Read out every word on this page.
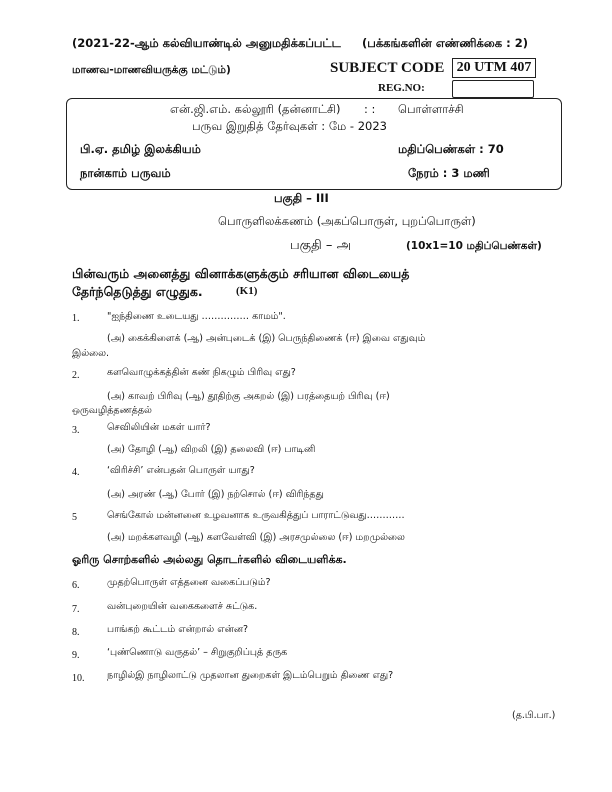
(2021-22-ஆம் கல்வியாண்டில் அனுமதிக்கப்பட்ட (பக்கங்களின் எண்ணிக்கை : 2)
மாணவ-மாணவியருக்கு மட்டும்)	SUBJECT CODE 20 UTM 407
REG.NO:
என்.ஜி.எம். கல்லூரி (தன்னாட்சி) : : பொள்ளாச்சி
பருவ இறுதித் தேர்வுகள் : மே - 2023
பி.ஏ. தமிழ் இலக்கியம்	மதிப்பெண்கள் : 70
நான்காம் பருவம்	நேரம் : 3 மணி
பகுதி – III
பொருளிலக்கணம் (அகப்பொருள், புறப்பொருள்)
பகுதி – அ	(10x1=10 மதிப்பெண்கள்)
பின்வரும் அனைத்து வினாக்களுக்கும் சரியான விடையைத்
தேர்ந்தெடுத்து எழுதுக.	(K1)
1.	"ஐந்திணை உடையது …………… காமம்".
(அ) கைக்கிளைக் (ஆ) அன்புடைக் (இ) பெருந்திணைக் (ஈ) இவை எதுவும்
இல்லை.
2.	களவொழுக்கத்தின் கண் நிகழும் பிரிவு எது?
(அ) காவற் பிரிவு (ஆ) தூதிற்கு அகறல் (இ) பரத்தையற் பிரிவு (ஈ)
ஒருவழித்தணத்தல்
3.	செவிலியின் மகள் யார்?
(அ) தோழி (ஆ) விறலி (இ) தலைவி (ஈ) பாடினி
4.	‘விரிச்சி’ என்பதன் பொருள் யாது?
(அ) அரண் (ஆ) போர் (இ) நற்சொல் (ஈ) விரிந்தது
5	செங்கோல் மன்னனை உழவனாக உருவகித்துப் பாராட்டுவது…………
(அ) மறக்களவழி (ஆ) களவேள்வி (இ) அரசமுல்லை (ஈ) மறமுல்லை
ஓரிரு சொற்களில் அல்லது தொடர்களில் விடையளிக்க.
6.	முதற்பொருள் எத்தனை வகைப்படும்?
7.	வன்புறையின் வகைகளைச் சுட்டுக.
8.	பாங்கற் கூட்டம் என்றால் என்ன?
9.	‘புண்ணொடு வருதல்’ – சிறுகுறிப்புத் தருக
10. நாழில்இ நாழிலாட்டு முதலான துறைகள் இடம்பெறும் திணை எது?
(த.பி.பா.)
